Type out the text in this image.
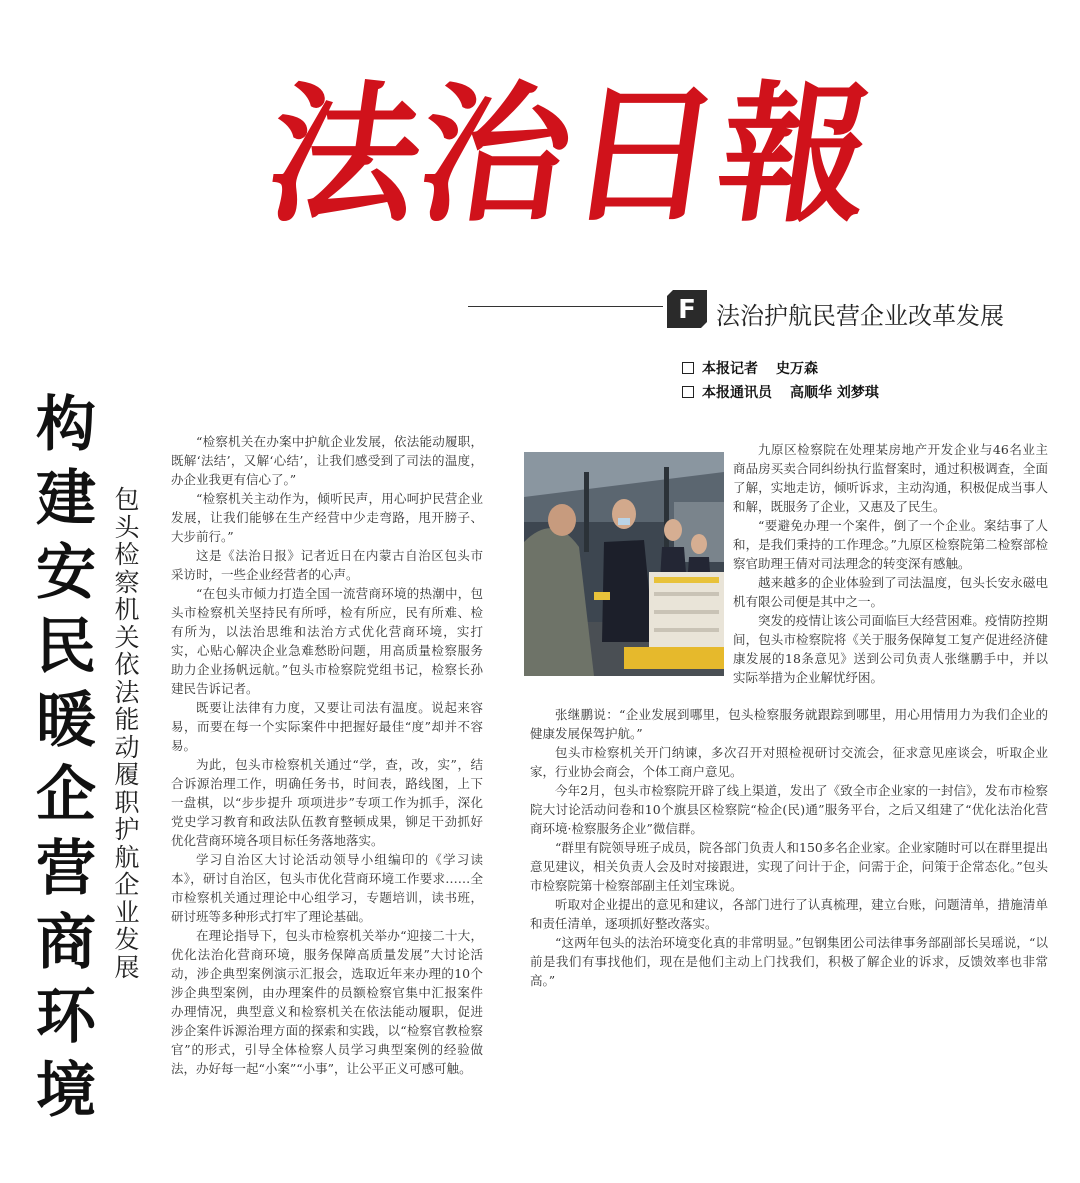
法
治
日
報
F 法治护航民营企业改革发展
本报记者 史万森
本报通讯员 高顺华 刘梦琪
构建安民暖企营商环境
包头检察机关依法能动履职护航企业发展

“检察机关在办案中护航企业发展，依法能动履职，既解‘法结’，又解‘心结’，让我们感受到了司法的温度，办企业我更有信心了。”

“检察机关主动作为，倾听民声，用心呵护民营企业发展，让我们能够在生产经营中少走弯路，甩开膀子、大步前行。”

这是《法治日报》记者近日在内蒙古自治区包头市采访时，一些企业经营者的心声。

“在包头市倾力打造全国一流营商环境的热潮中，包头市检察机关坚持民有所呼，检有所应，民有所难、检有所为，以法治思维和法治方式优化营商环境，实打实，心贴心解决企业急难愁盼问题，用高质量检察服务助力企业扬帆远航。”包头市检察院党组书记，检察长孙建民告诉记者。

既要让法律有力度，又要让司法有温度。说起来容易，而要在每一个实际案件中把握好最佳“度”却并不容易。

为此，包头市检察机关通过“学，查，改，实”，结合诉源治理工作，明确任务书，时间表，路线图，上下一盘棋，以“步步提升 项项进步”专项工作为抓手，深化党史学习教育和政法队伍教育整顿成果，铆足干劲抓好优化营商环境各项目标任务落地落实。

学习自治区大讨论活动领导小组编印的《学习读本》，研讨自治区，包头市优化营商环境工作要求……全市检察机关通过理论中心组学习，专题培训，读书班，研讨班等多种形式打牢了理论基础。

在理论指导下，包头市检察机关举办“迎接二十大，优化法治化营商环境，服务保障高质量发展”大讨论活动，涉企典型案例演示汇报会，选取近年来办理的10个涉企典型案例，由办理案件的员额检察官集中汇报案件办理情况，典型意义和检察机关在依法能动履职，促进涉企案件诉源治理方面的探索和实践，以“检察官教检察官”的形式，引导全体检察人员学习典型案例的经验做法，办好每一起“小案”“小事”，让公平正义可感可触。

九原区检察院在处理某房地产开发企业与46名业主商品房买卖合同纠纷执行监督案时，通过积极调查，全面了解，实地走访，倾听诉求，主动沟通，积极促成当事人和解，既服务了企业，又惠及了民生。

“要避免办理一个案件，倒了一个企业。案结事了人和，是我们秉持的工作理念。”九原区检察院第二检察部检察官助理王倩对司法理念的转变深有感触。

越来越多的企业体验到了司法温度，包头长安永磁电机有限公司便是其中之一。

突发的疫情让该公司面临巨大经营困难。疫情防控期间，包头市检察院将《关于服务保障复工复产促进经济健康发展的18条意见》送到公司负责人张继鹏手中，并以实际举措为企业解忧纾困。

张继鹏说：“企业发展到哪里，包头检察服务就跟踪到哪里，用心用情用力为我们企业的健康发展保驾护航。”

包头市检察机关开门纳谏，多次召开对照检视研讨交流会，征求意见座谈会，听取企业家，行业协会商会，个体工商户意见。

今年2月，包头市检察院开辟了线上渠道，发出了《致全市企业家的一封信》，发布市检察院大讨论活动问卷和10个旗县区检察院“检企(民)通”服务平台，之后又组建了“优化法治化营商环境·检察服务企业”微信群。

“群里有院领导班子成员，院各部门负责人和150多名企业家。企业家随时可以在群里提出意见建议，相关负责人会及时对接跟进，实现了问计于企，问需于企，问策于企常态化。”包头市检察院第十检察部副主任刘宝珠说。

听取对企业提出的意见和建议，各部门进行了认真梳理，建立台账，问题清单，措施清单和责任清单，逐项抓好整改落实。

“这两年包头的法治环境变化真的非常明显。”包钢集团公司法律事务部副部长吴瑶说，“以前是我们有事找他们，现在是他们主动上门找我们，积极了解企业的诉求，反馈效率也非常高。”
